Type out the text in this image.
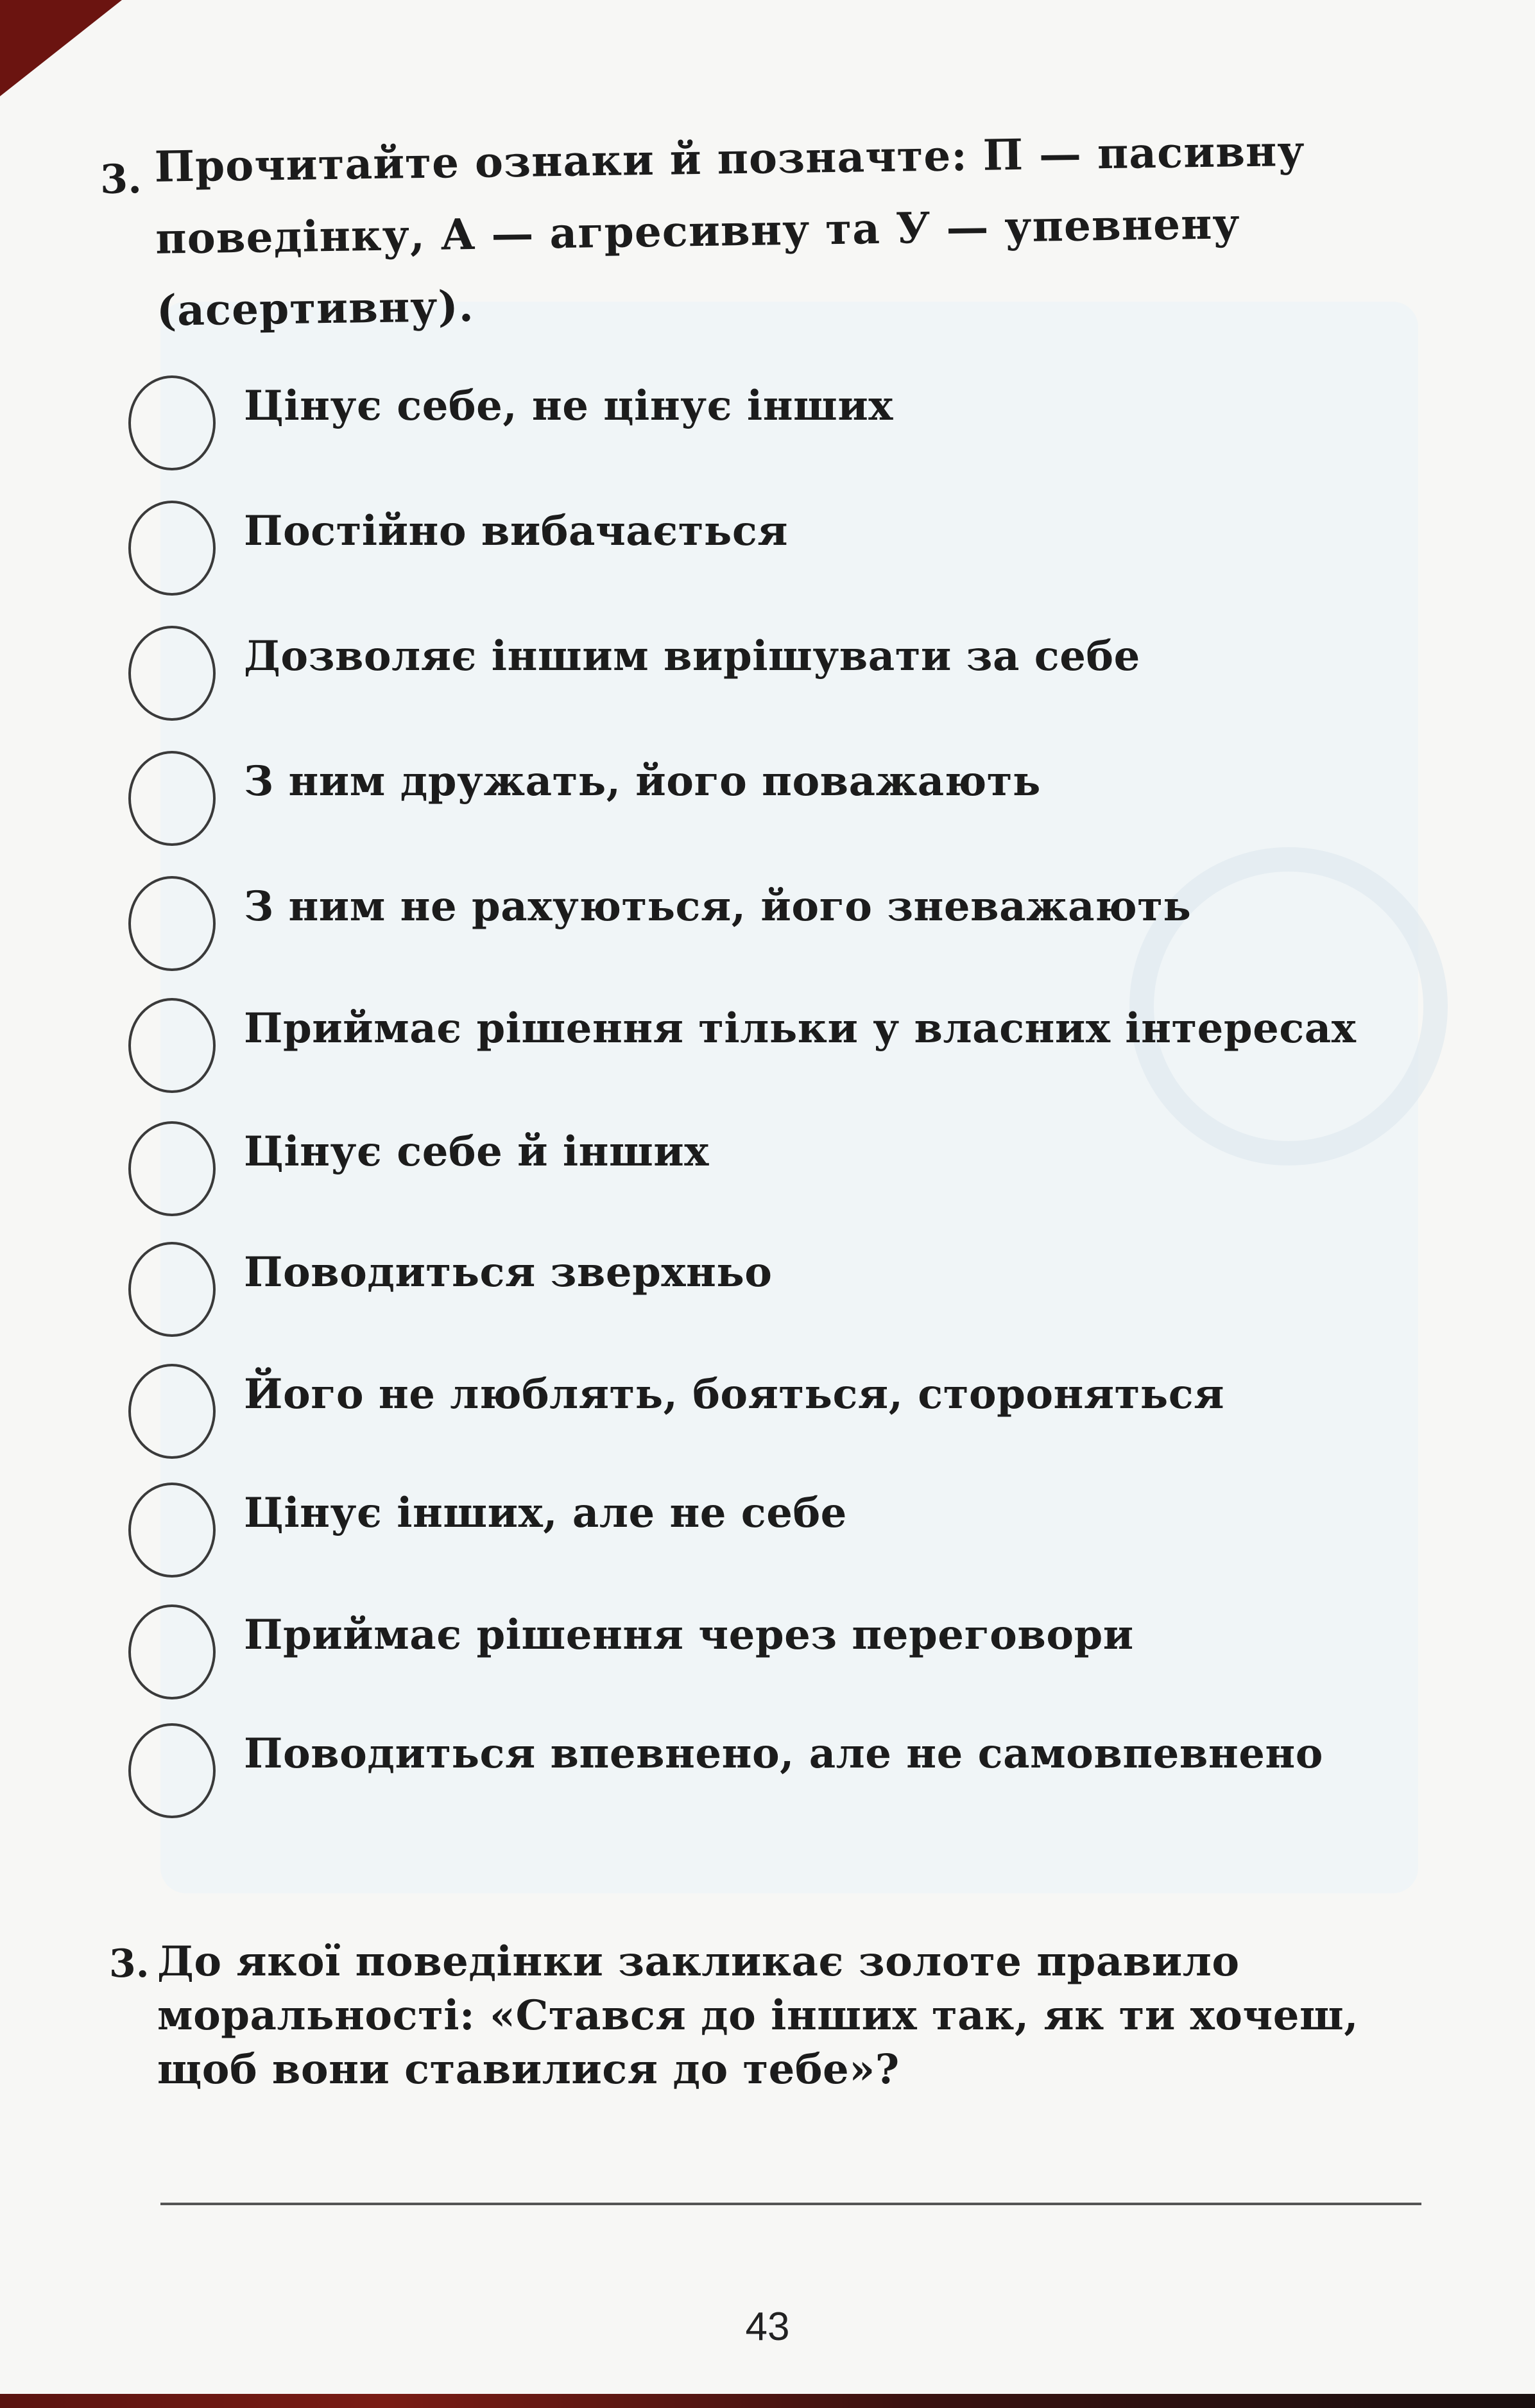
3. Прочитайте ознаки й позначте: П — пасивну поведінку, А — агресивну та У — упевнену (асертивну).
Цінує себе, не цінує інших
Постійно вибачається
Дозволяє іншим вирішувати за себе
З ним дружать, його поважають
З ним не рахуються, його зневажають
Приймає рішення тільки у власних інтересах
Цінує себе й інших
Поводиться зверхньо
Його не люблять, бояться, стороняться
Цінує інших, але не себе
Приймає рішення через переговори
Поводиться впевнено, але не самовпевнено
3. До якої поведінки закликає золоте правило моральності: «Стався до інших так, як ти хочеш, щоб вони ставилися до тебе»?
43
